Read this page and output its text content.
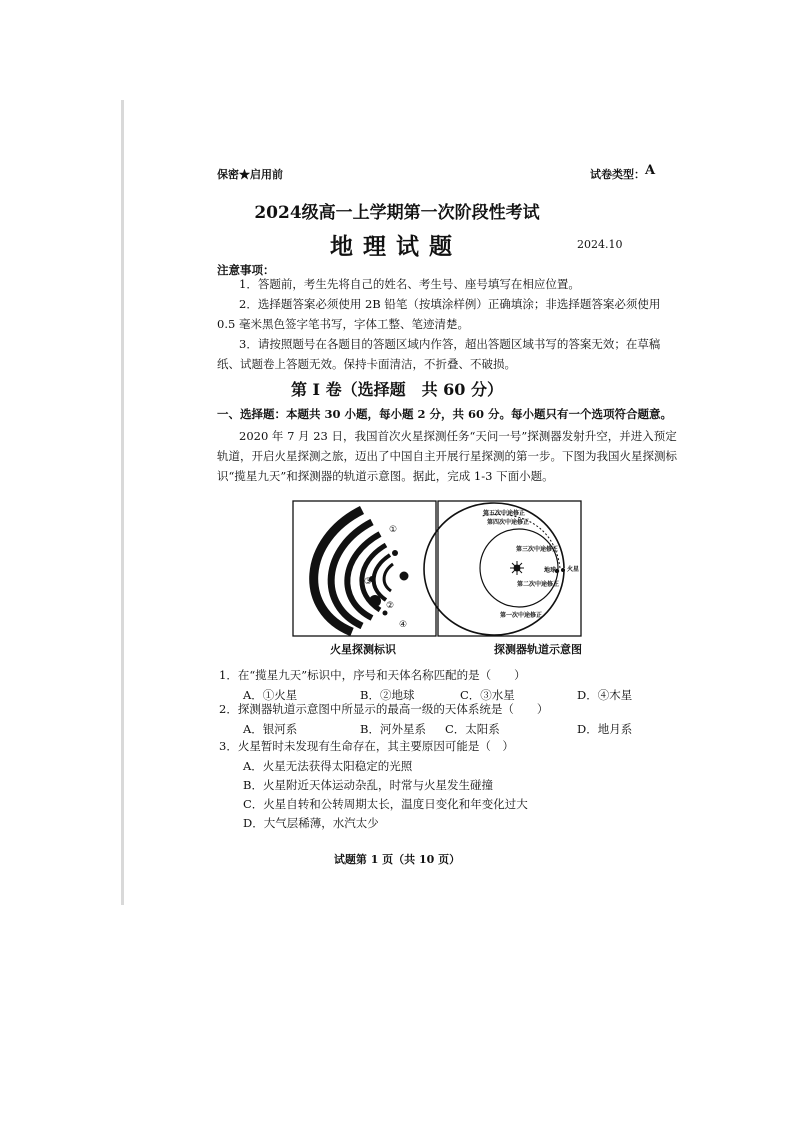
保密★启用前	试卷类型：A
2024级高一上学期第一次阶段性考试
地理试题	2024.10
注意事项：
1．答题前，考生先将自己的姓名、考生号、座号填写在相应位置。
2．选择题答案必须使用 2B 铅笔（按填涂样例）正确填涂；非选择题答案必须使用 0.5 毫米黑色签字笔书写，字体工整、笔迹清楚。
3．请按照题号在各题目的答题区域内作答，超出答题区域书写的答案无效；在草稿纸、试题卷上答题无效。保持卡面清洁，不折叠、不破损。
第 I 卷（选择题　共 60 分）
一、选择题：本题共 30 小题，每小题 2 分，共 60 分。每小题只有一个选项符合题意。
2020 年 7 月 23 日，我国首次火星探测任务“天问一号”探测器发射升空，并进入预定轨道，开启火星探测之旅，迈出了中国自主开展行星探测的第一步。下图为我国火星探测标识“揽星九天”和探测器的轨道示意图。据此，完成 1-3 下面小题。
①
②
③
④
第五次中途修正
第四次中途修正
第三次中途修正
地球 火星
第二次中途修正
第一次中途修正
火星探测标识	探测器轨道示意图
1．在“揽星九天”标识中，序号和天体名称匹配的是（　　）
A．①火星	B．②地球	C．③水星	D．④木星
2．探测器轨道示意图中所显示的最高一级的天体系统是（　　）
A．银河系	B．河外星系 C．太阳系	D．地月系
3．火星暂时未发现有生命存在，其主要原因可能是（　）
A．火星无法获得太阳稳定的光照
B．火星附近天体运动杂乱，时常与火星发生碰撞
C．火星自转和公转周期太长，温度日变化和年变化过大
D．大气层稀薄，水汽太少
试题第 1 页（共 10 页）
